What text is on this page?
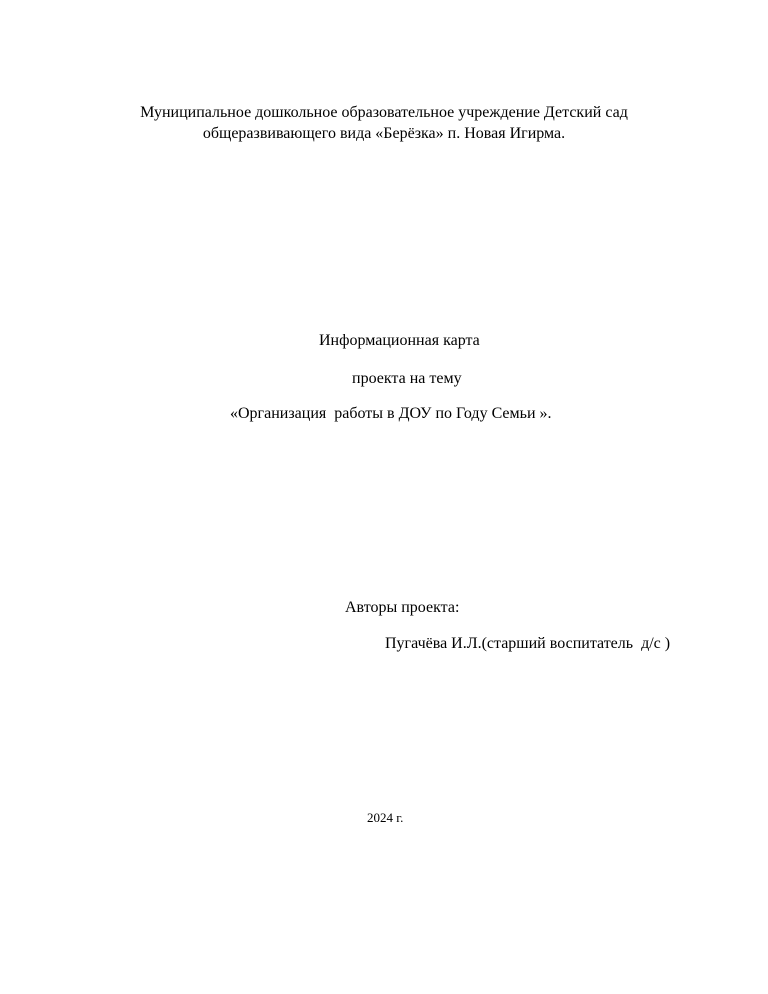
Муниципальное дошкольное образовательное учреждение Детский сад
общеразвивающего вида «Берёзка» п. Новая Игирма.
Информационная карта
проекта на тему
«Организация  работы в ДОУ по Году Семьи ».
Авторы проекта:
Пугачёва И.Л.(старший воспитатель  д/с )
2024 г.
